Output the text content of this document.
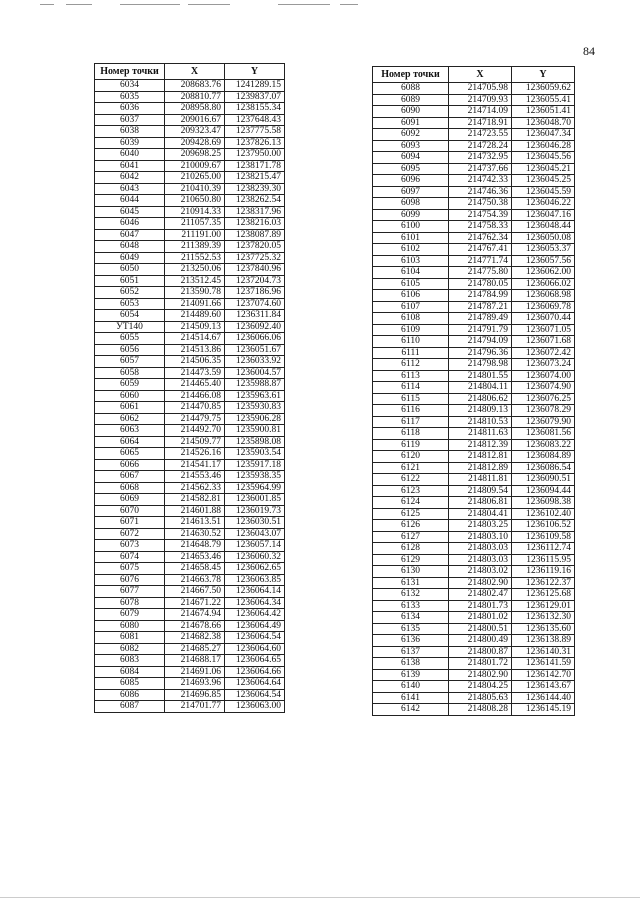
84
Номер точки	X	Y
6034	208683.76	1241289.15
6035	208810.77	1239837.07
6036	208958.80	1238155.34
6037	209016.67	1237648.43
6038	209323.47	1237775.58
6039	209428.69	1237826.13
6040	209698.25	1237950.00
6041	210009.67	1238171.78
6042	210265.00	1238215.47
6043	210410.39	1238239.30
6044	210650.80	1238262.54
6045	210914.33	1238317.96
6046	211057.35	1238216.03
6047	211191.00	1238087.89
6048	211389.39	1237820.05
6049	211552.53	1237725.32
6050	213250.06	1237840.96
6051	213512.45	1237204.73
6052	213590.78	1237186.96
6053	214091.66	1237074.60
6054	214489.60	1236311.84
УТ140	214509.13	1236092.40
6055	214514.67	1236066.06
6056	214513.86	1236051.67
6057	214506.35	1236033.92
6058	214473.59	1236004.57
6059	214465.40	1235988.87
6060	214466.08	1235963.61
6061	214470.85	1235930.83
6062	214479.75	1235906.28
6063	214492.70	1235900.81
6064	214509.77	1235898.08
6065	214526.16	1235903.54
6066	214541.17	1235917.18
6067	214553.46	1235938.35
6068	214562.33	1235964.99
6069	214582.81	1236001.85
6070	214601.88	1236019.73
6071	214613.51	1236030.51
6072	214630.52	1236043.07
6073	214648.79	1236057.14
6074	214653.46	1236060.32
6075	214658.45	1236062.65
6076	214663.78	1236063.85
6077	214667.50	1236064.14
6078	214671.22	1236064.34
6079	214674.94	1236064.42
6080	214678.66	1236064.49
6081	214682.38	1236064.54
6082	214685.27	1236064.60
6083	214688.17	1236064.65
6084	214691.06	1236064.66
6085	214693.96	1236064.64
6086	214696.85	1236064.54
6087	214701.77	1236063.00
Номер точки	X	Y
6088	214705.98	1236059.62
6089	214709.93	1236055.41
6090	214714.09	1236051.41
6091	214718.91	1236048.70
6092	214723.55	1236047.34
6093	214728.24	1236046.28
6094	214732.95	1236045.56
6095	214737.66	1236045.21
6096	214742.33	1236045.25
6097	214746.36	1236045.59
6098	214750.38	1236046.22
6099	214754.39	1236047.16
6100	214758.33	1236048.44
6101	214762.34	1236050.08
6102	214767.41	1236053.37
6103	214771.74	1236057.56
6104	214775.80	1236062.00
6105	214780.05	1236066.02
6106	214784.99	1236068.98
6107	214787.21	1236069.78
6108	214789.49	1236070.44
6109	214791.79	1236071.05
6110	214794.09	1236071.68
6111	214796.36	1236072.42
6112	214798.98	1236073.24
6113	214801.55	1236074.00
6114	214804.11	1236074.90
6115	214806.62	1236076.25
6116	214809.13	1236078.29
6117	214810.53	1236079.90
6118	214811.63	1236081.56
6119	214812.39	1236083.22
6120	214812.81	1236084.89
6121	214812.89	1236086.54
6122	214811.81	1236090.51
6123	214809.54	1236094.44
6124	214806.81	1236098.38
6125	214804.41	1236102.40
6126	214803.25	1236106.52
6127	214803.10	1236109.58
6128	214803.03	1236112.74
6129	214803.03	1236115.95
6130	214803.02	1236119.16
6131	214802.90	1236122.37
6132	214802.47	1236125.68
6133	214801.73	1236129.01
6134	214801.02	1236132.30
6135	214800.51	1236135.60
6136	214800.49	1236138.89
6137	214800.87	1236140.31
6138	214801.72	1236141.59
6139	214802.90	1236142.70
6140	214804.25	1236143.67
6141	214805.63	1236144.40
6142	214808.28	1236145.19
